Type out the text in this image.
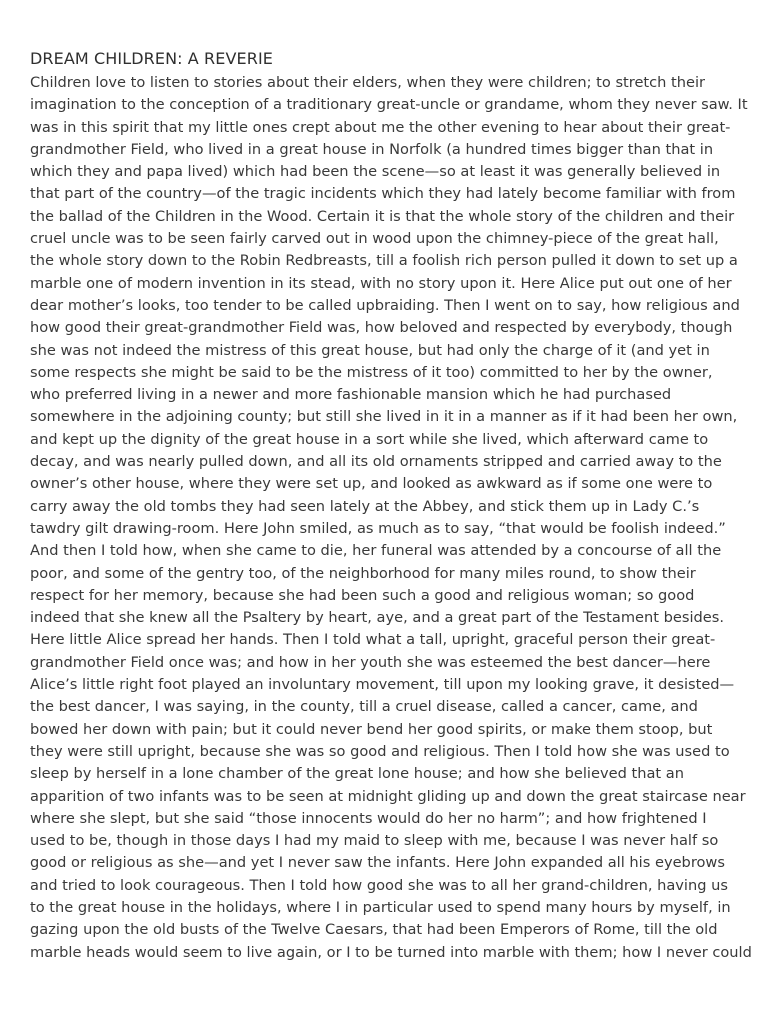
DREAM CHILDREN: A REVERIE
Children love to listen to stories about their elders, when they were children; to stretch their
imagination to the conception of a traditionary great-uncle or grandame, whom they never saw. It
was in this spirit that my little ones crept about me the other evening to hear about their great-
grandmother Field, who lived in a great house in Norfolk (a hundred times bigger than that in
which they and papa lived) which had been the scene—so at least it was generally believed in
that part of the country—of the tragic incidents which they had lately become familiar with from
the ballad of the Children in the Wood. Certain it is that the whole story of the children and their
cruel uncle was to be seen fairly carved out in wood upon the chimney-piece of the great hall,
the whole story down to the Robin Redbreasts, till a foolish rich person pulled it down to set up a
marble one of modern invention in its stead, with no story upon it. Here Alice put out one of her
dear mother’s looks, too tender to be called upbraiding. Then I went on to say, how religious and
how good their great-grandmother Field was, how beloved and respected by everybody, though
she was not indeed the mistress of this great house, but had only the charge of it (and yet in
some respects she might be said to be the mistress of it too) committed to her by the owner,
who preferred living in a newer and more fashionable mansion which he had purchased
somewhere in the adjoining county; but still she lived in it in a manner as if it had been her own,
and kept up the dignity of the great house in a sort while she lived, which afterward came to
decay, and was nearly pulled down, and all its old ornaments stripped and carried away to the
owner’s other house, where they were set up, and looked as awkward as if some one were to
carry away the old tombs they had seen lately at the Abbey, and stick them up in Lady C.’s
tawdry gilt drawing-room. Here John smiled, as much as to say, “that would be foolish indeed.”
And then I told how, when she came to die, her funeral was attended by a concourse of all the
poor, and some of the gentry too, of the neighborhood for many miles round, to show their
respect for her memory, because she had been such a good and religious woman; so good
indeed that she knew all the Psaltery by heart, aye, and a great part of the Testament besides.
Here little Alice spread her hands. Then I told what a tall, upright, graceful person their great-
grandmother Field once was; and how in her youth she was esteemed the best dancer—here
Alice’s little right foot played an involuntary movement, till upon my looking grave, it desisted—
the best dancer, I was saying, in the county, till a cruel disease, called a cancer, came, and
bowed her down with pain; but it could never bend her good spirits, or make them stoop, but
they were still upright, because she was so good and religious. Then I told how she was used to
sleep by herself in a lone chamber of the great lone house; and how she believed that an
apparition of two infants was to be seen at midnight gliding up and down the great staircase near
where she slept, but she said “those innocents would do her no harm”; and how frightened I
used to be, though in those days I had my maid to sleep with me, because I was never half so
good or religious as she—and yet I never saw the infants. Here John expanded all his eyebrows
and tried to look courageous. Then I told how good she was to all her grand-children, having us
to the great house in the holidays, where I in particular used to spend many hours by myself, in
gazing upon the old busts of the Twelve Caesars, that had been Emperors of Rome, till the old
marble heads would seem to live again, or I to be turned into marble with them; how I never could
